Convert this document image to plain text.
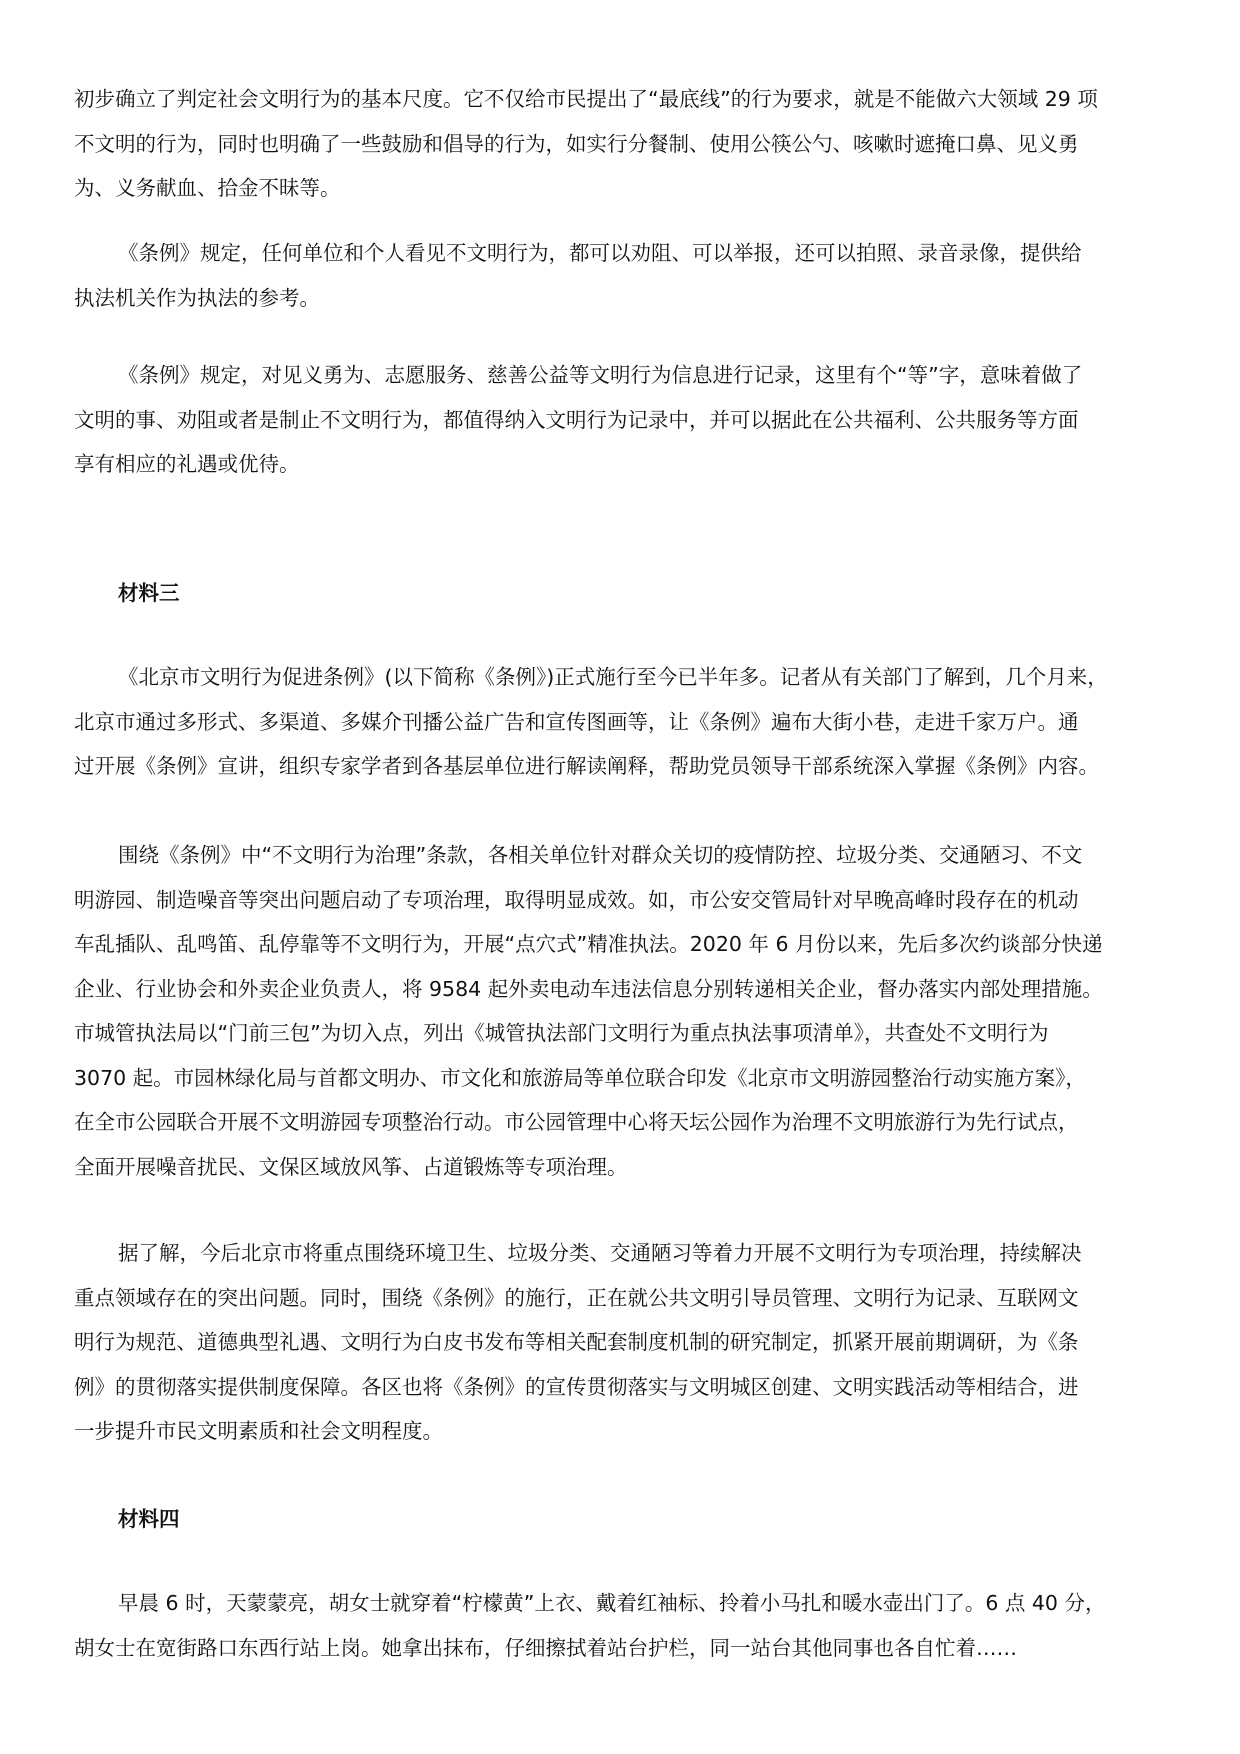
初步确立了判定社会文明行为的基本尺度。它不仅给市民提出了“最底线”的行为要求，就是不能做六大领域 29 项
不文明的行为，同时也明确了一些鼓励和倡导的行为，如实行分餐制、使用公筷公勺、咳嗽时遮掩口鼻、见义勇
为、义务献血、拾金不昧等。
《条例》规定，任何单位和个人看见不文明行为，都可以劝阻、可以举报，还可以拍照、录音录像，提供给
执法机关作为执法的参考。
《条例》规定，对见义勇为、志愿服务、慈善公益等文明行为信息进行记录，这里有个“等”字，意味着做了
文明的事、劝阻或者是制止不文明行为，都值得纳入文明行为记录中，并可以据此在公共福利、公共服务等方面
享有相应的礼遇或优待。
材料三
《北京市文明行为促进条例》(以下简称《条例》)正式施行至今已半年多。记者从有关部门了解到，几个月来，
北京市通过多形式、多渠道、多媒介刊播公益广告和宣传图画等，让《条例》遍布大街小巷，走进千家万户。通
过开展《条例》宣讲，组织专家学者到各基层单位进行解读阐释，帮助党员领导干部系统深入掌握《条例》内容。
围绕《条例》中“不文明行为治理”条款，各相关单位针对群众关切的疫情防控、垃圾分类、交通陋习、不文
明游园、制造噪音等突出问题启动了专项治理，取得明显成效。如，市公安交管局针对早晚高峰时段存在的机动
车乱插队、乱鸣笛、乱停靠等不文明行为，开展“点穴式”精准执法。2020 年 6 月份以来，先后多次约谈部分快递
企业、行业协会和外卖企业负责人，将 9584 起外卖电动车违法信息分别转递相关企业，督办落实内部处理措施。
市城管执法局以“门前三包”为切入点，列出《城管执法部门文明行为重点执法事项清单》，共查处不文明行为
3070 起。市园林绿化局与首都文明办、市文化和旅游局等单位联合印发《北京市文明游园整治行动实施方案》，
在全市公园联合开展不文明游园专项整治行动。市公园管理中心将天坛公园作为治理不文明旅游行为先行试点，
全面开展噪音扰民、文保区域放风筝、占道锻炼等专项治理。
据了解，今后北京市将重点围绕环境卫生、垃圾分类、交通陋习等着力开展不文明行为专项治理，持续解决
重点领域存在的突出问题。同时，围绕《条例》的施行，正在就公共文明引导员管理、文明行为记录、互联网文
明行为规范、道德典型礼遇、文明行为白皮书发布等相关配套制度机制的研究制定，抓紧开展前期调研，为《条
例》的贯彻落实提供制度保障。各区也将《条例》的宣传贯彻落实与文明城区创建、文明实践活动等相结合，进
一步提升市民文明素质和社会文明程度。
材料四
早晨 6 时，天蒙蒙亮，胡女士就穿着“柠檬黄”上衣、戴着红袖标、拎着小马扎和暖水壶出门了。6 点 40 分，
胡女士在宽街路口东西行站上岗。她拿出抹布，仔细擦拭着站台护栏，同一站台其他同事也各自忙着……
